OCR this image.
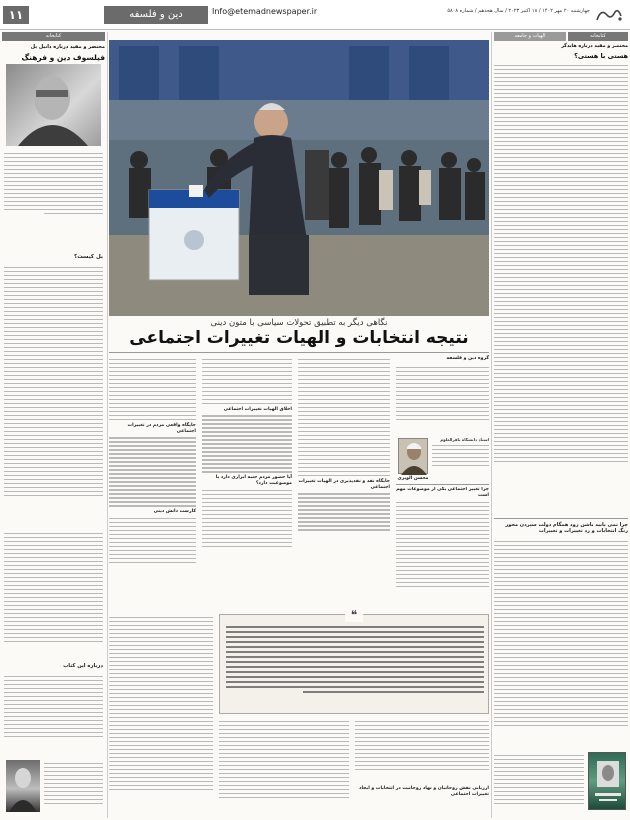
۱۱	دین و فلسفه	Info@etemadnewspaper.ir	چهارشنبه ۲۰ مهر ۱۴۰۲ / ۱۸ اکتبر ۲۰۲۳ / سال هجدهم / شماره ۵۸۰۸
کتابخانه
مختصر و مفید درباره دانیل بل
فیلسوف دین و فرهنگ
بل کیست؟
درباره این کتاب
نگاهی دیگر به تطبیق تحولات سیاسی با متون دینی
نتیجه انتخابات و الهیات تغییرات اجتماعی
جایگاه واقعی مردم در تغییرات اجتماعی
کارست دانش دینی
اخلاق الهیات تغییرات اجتماعی
آیا حضور مردم جنبه ابزاری دارد یا موضوعیت دارد؟ جایگاه نقد و نقدپذیری در الهیات تغییرات اجتماعی
گروه دین و فلسفه
محسن الویری
استاد دانشگاه باقرالعلوم
چرا تغییر اجتماعی یکی از موضوعات مهم است
❝
ارزیابی نقش روحانیان و نهاد روحانیت در انتخابات و ایجاد تغییرات اجتماعی
کتابخانه
الهیات و جامعه
مختصر و مفید درباره هایدگر
هستی با هستی؟
چرا نمی پایید باشن زود همگام دولت سپردن محور رنگ انتخابات و رد تغییرات و تغییرات
